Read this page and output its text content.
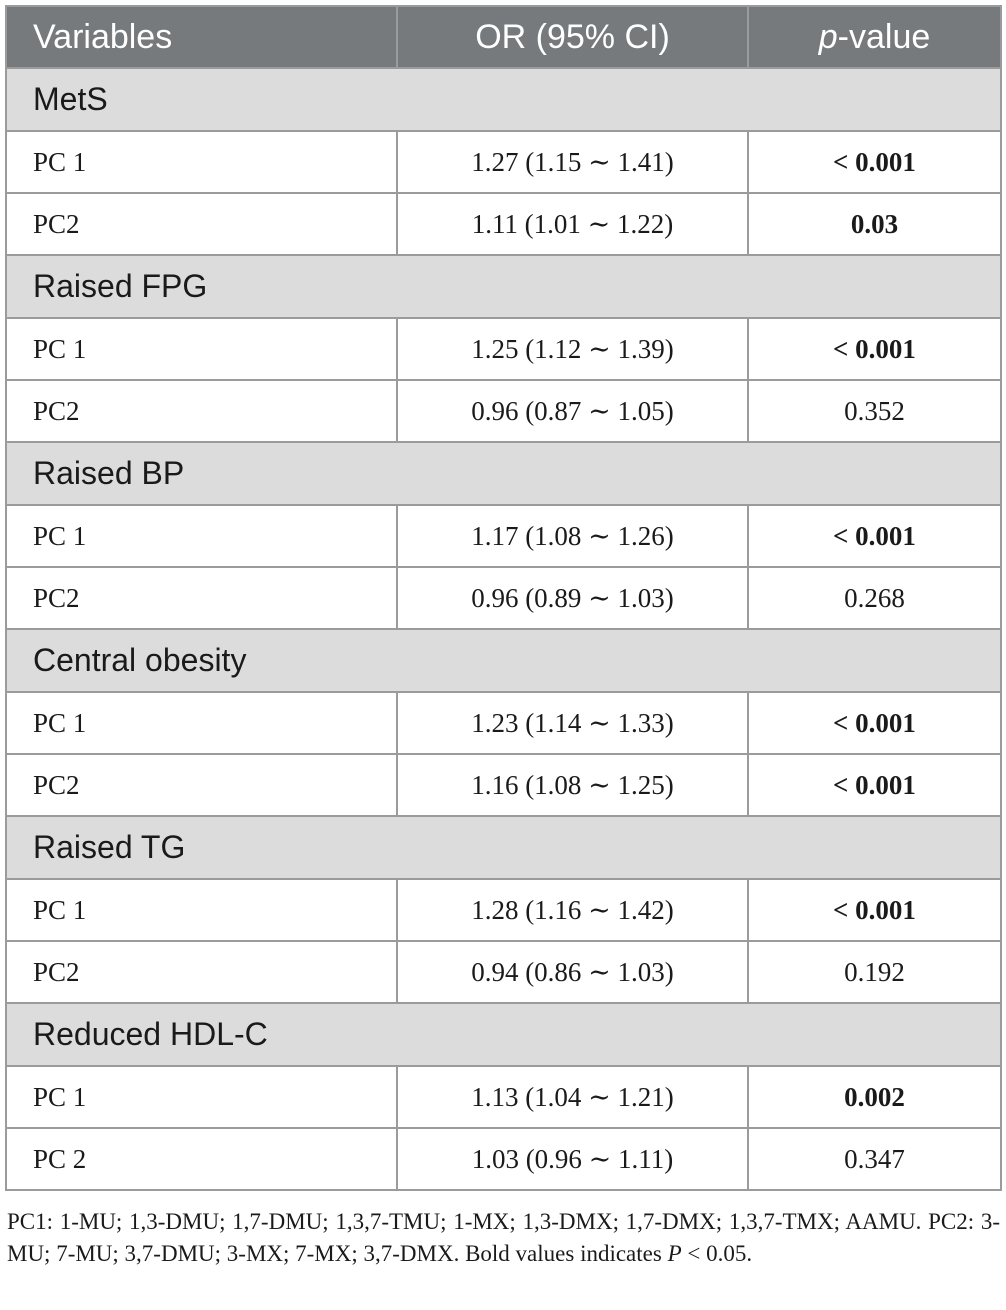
Variables	OR (95% CI)	p-value
MetS		
PC 1	1.27 (1.15 ∼ 1.41)	< 0.001
PC2	1.11 (1.01 ∼ 1.22)	0.03
Raised FPG		
PC 1	1.25 (1.12 ∼ 1.39)	< 0.001
PC2	0.96 (0.87 ∼ 1.05)	0.352
Raised BP		
PC 1	1.17 (1.08 ∼ 1.26)	< 0.001
PC2	0.96 (0.89 ∼ 1.03)	0.268
Central obesity		
PC 1	1.23 (1.14 ∼ 1.33)	< 0.001
PC2	1.16 (1.08 ∼ 1.25)	< 0.001
Raised TG		
PC 1	1.28 (1.16 ∼ 1.42)	< 0.001
PC2	0.94 (0.86 ∼ 1.03)	0.192
Reduced HDL-C		
PC 1	1.13 (1.04 ∼ 1.21)	0.002
PC 2	1.03 (0.96 ∼ 1.11)	0.347
PC1: 1-MU; 1,3-DMU; 1,7-DMU; 1,3,7-TMU; 1-MX; 1,3-DMX; 1,7-DMX; 1,3,7-TMX; AAMU. PC2: 3-MU; 7-MU; 3,7-DMU; 3-MX; 7-MX; 3,7-DMX. Bold values indicates P < 0.05.
